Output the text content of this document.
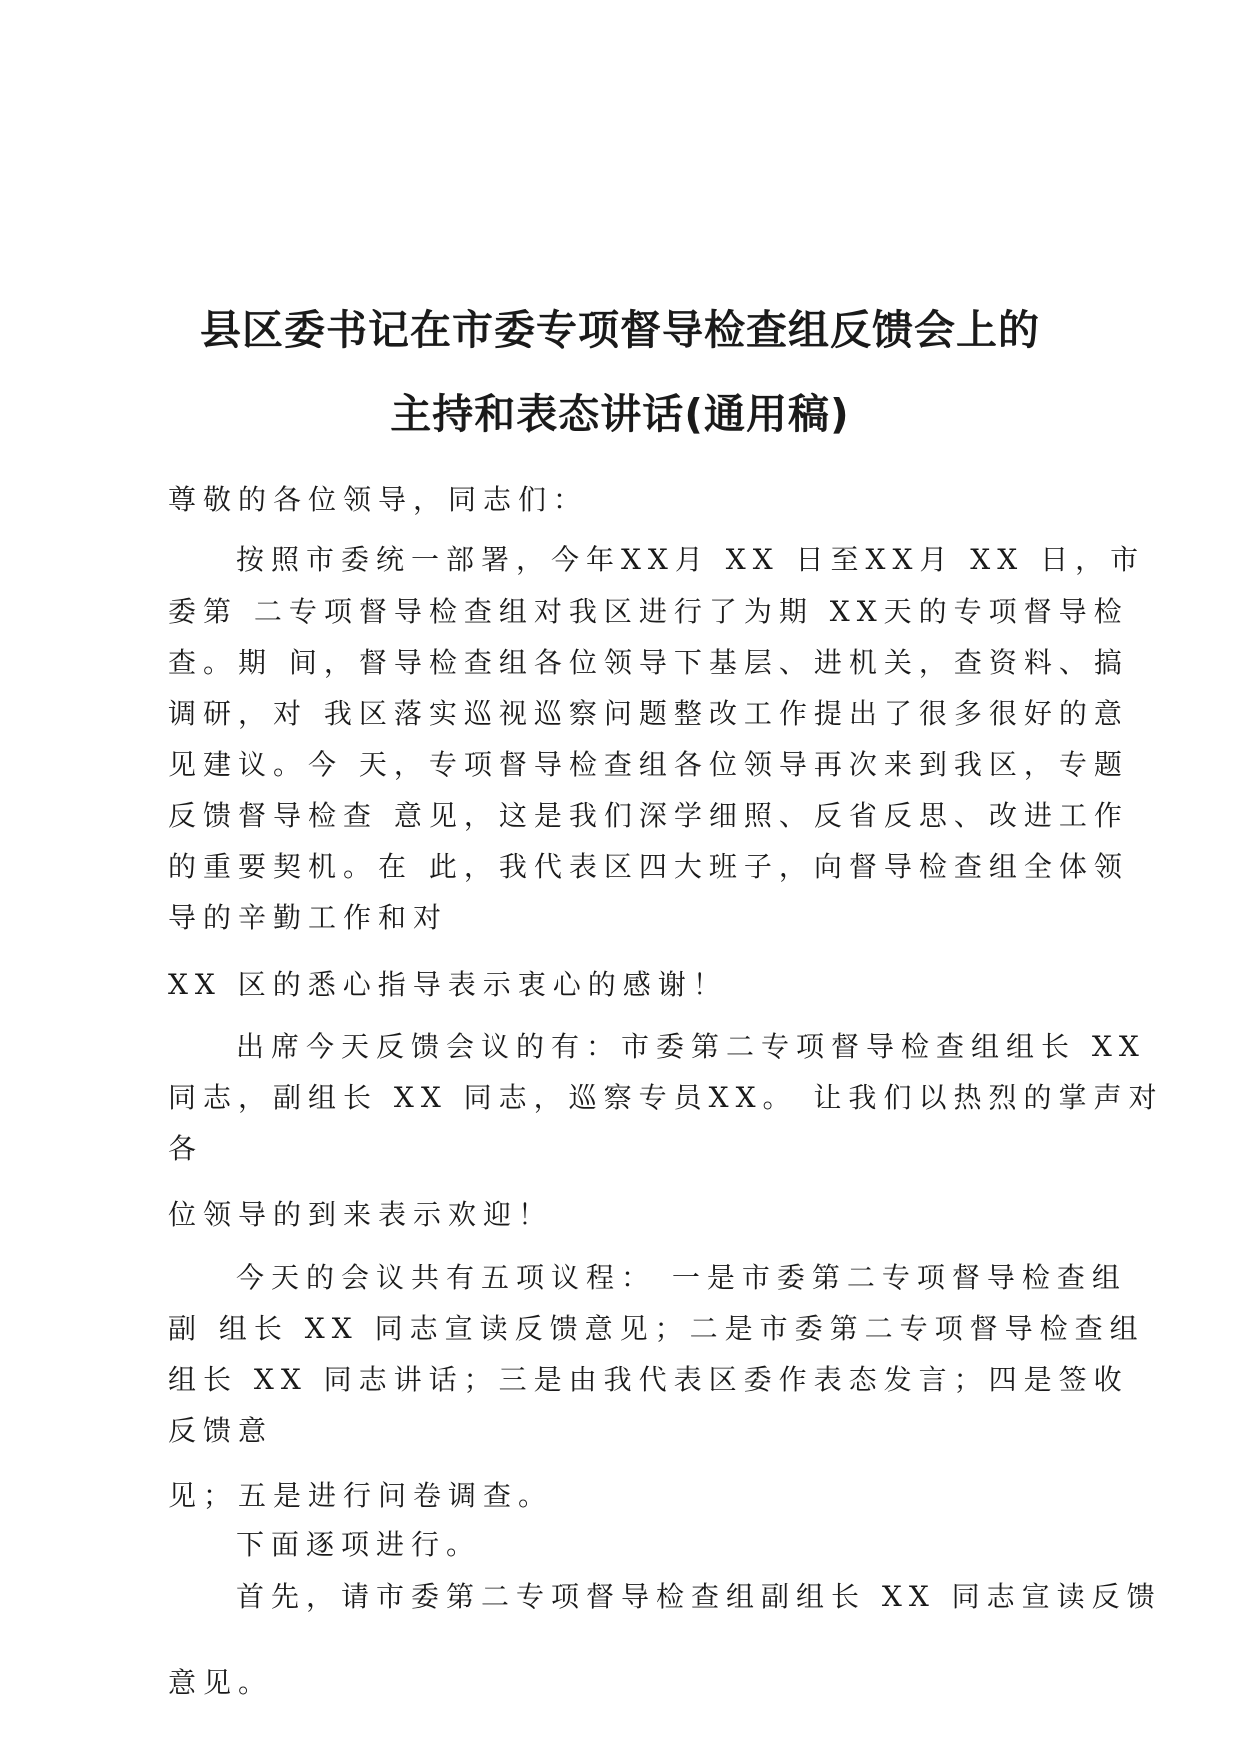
县区委书记在市委专项督导检查组反馈会上的
主持和表态讲话(通用稿)
尊敬的各位领导，同志们：
按照市委统一部署，今年XX月 XX 日至XX月 XX 日，市
委第 二专项督导检查组对我区进行了为期 XX天的专项督导检
查。期 间，督导检查组各位领导下基层、进机关，查资料、搞
调研，对 我区落实巡视巡察问题整改工作提出了很多很好的意
见建议。今 天，专项督导检查组各位领导再次来到我区，专题
反馈督导检查 意见，这是我们深学细照、反省反思、改进工作
的重要契机。在 此，我代表区四大班子，向督导检查组全体领
导的辛勤工作和对
XX 区的悉心指导表示衷心的感谢！
出席今天反馈会议的有：市委第二专项督导检查组组长 XX
同志，副组长 XX 同志，巡察专员XX。 让我们以热烈的掌声对
各
位领导的到来表示欢迎！
今天的会议共有五项议程： 一是市委第二专项督导检查组
副 组长 XX 同志宣读反馈意见；二是市委第二专项督导检查组
组长 XX 同志讲话；三是由我代表区委作表态发言；四是签收
反馈意
见；五是进行问卷调查。
下面逐项进行。
首先，请市委第二专项督导检查组副组长 XX 同志宣读反馈
意见。
